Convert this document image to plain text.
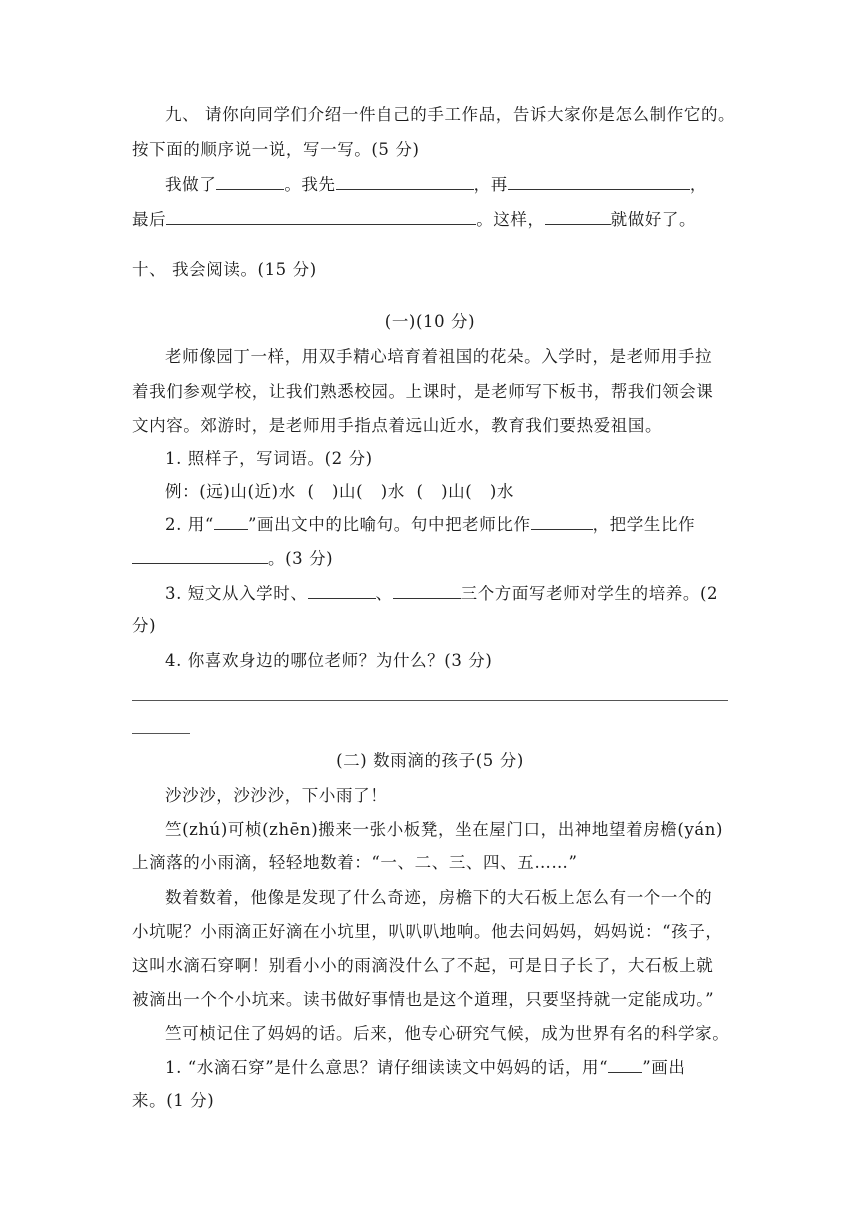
九、 请你向同学们介绍一件自己的手工作品，告诉大家你是怎么制作它的。
按下面的顺序说一说，写一写。(5 分)
我做了	。我先	，再	，
最后	。这样，	就做好了。
十、 我会阅读。(15 分)
(一)(10 分)
老师像园丁一样，用双手精心培育着祖国的花朵。入学时，是老师用手拉
着我们参观学校，让我们熟悉校园。上课时，是老师写下板书，帮我们领会课
文内容。郊游时，是老师用手指点着远山近水，教育我们要热爱祖国。
1. 照样子，写词语。(2 分)
例：(远)山(近)水  (   )山(   )水  (   )山(   )水
2. 用“ ”画出文中的比喻句。句中把老师比作	，把学生比作
。(3 分)
3. 短文从入学时、	、	三个方面写老师对学生的培养。(2
分)
4. 你喜欢身边的哪位老师？为什么？(3 分)
(二) 数雨滴的孩子(5 分)
沙沙沙，沙沙沙，下小雨了！
竺(zhú)可桢(zhēn)搬来一张小板凳，坐在屋门口，出神地望着房檐(yán)
上滴落的小雨滴，轻轻地数着：“一、二、三、四、五……”
数着数着，他像是发现了什么奇迹，房檐下的大石板上怎么有一个一个的
小坑呢？小雨滴正好滴在小坑里，叭叭叭地响。他去问妈妈，妈妈说：“孩子，
这叫水滴石穿啊！别看小小的雨滴没什么了不起，可是日子长了，大石板上就
被滴出一个个小坑来。读书做好事情也是这个道理，只要坚持就一定能成功。”
竺可桢记住了妈妈的话。后来，他专心研究气候，成为世界有名的科学家。
1. “水滴石穿”是什么意思？请仔细读读文中妈妈的话，用“ ”画出
来。(1 分)
